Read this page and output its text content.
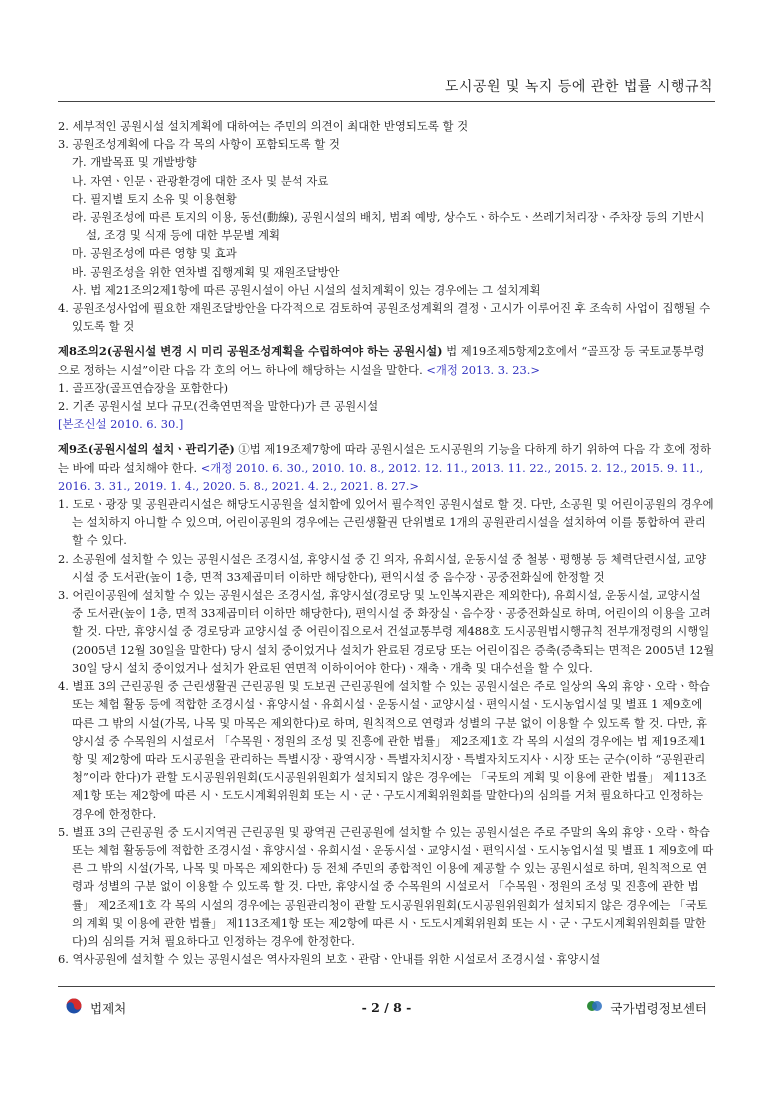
도시공원 및 녹지 등에 관한 법률 시행규칙

2. 세부적인 공원시설 설치계획에 대하여는 주민의 의견이 최대한 반영되도록 할 것

3. 공원조성계획에 다음 각 목의 사항이 포함되도록 할 것

가. 개발목표 및 개발방향

나. 자연ㆍ인문ㆍ관광환경에 대한 조사 및 분석 자료

다. 필지별 토지 소유 및 이용현황

라. 공원조성에 따른 토지의 이용, 동선(動線), 공원시설의 배치, 범죄 예방, 상수도ㆍ하수도ㆍ쓰레기처리장ㆍ주차장 등의 기반시설, 조경 및 식재 등에 대한 부문별 계획

마. 공원조성에 따른 영향 및 효과

바. 공원조성을 위한 연차별 집행계획 및 재원조달방안

사. 법 제21조의2제1항에 따른 공원시설이 아닌 시설의 설치계획이 있는 경우에는 그 설치계획

4. 공원조성사업에 필요한 재원조달방안을 다각적으로 검토하여 공원조성계획의 결정ㆍ고시가 이루어진 후 조속히 사업이 집행될 수 있도록 할 것

제8조의2(공원시설 변경 시 미리 공원조성계획을 수립하여야 하는 공원시설) 법 제19조제5항제2호에서 “골프장 등 국토교통부령으로 정하는 시설”이란 다음 각 호의 어느 하나에 해당하는 시설을 말한다. <개정 2013. 3. 23.>

1. 골프장(골프연습장을 포함한다)

2. 기존 공원시설 보다 규모(건축연면적을 말한다)가 큰 공원시설

[본조신설 2010. 6. 30.]

제9조(공원시설의 설치ㆍ관리기준) ①법 제19조제7항에 따라 공원시설은 도시공원의 기능을 다하게 하기 위하여 다음 각 호에 정하는 바에 따라 설치해야 한다. <개정 2010. 6. 30., 2010. 10. 8., 2012. 12. 11., 2013. 11. 22., 2015. 2. 12., 2015. 9. 11., 2016. 3. 31., 2019. 1. 4., 2020. 5. 8., 2021. 4. 2., 2021. 8. 27.>

1. 도로ㆍ광장 및 공원관리시설은 해당도시공원을 설치함에 있어서 필수적인 공원시설로 할 것. 다만, 소공원 및 어린이공원의 경우에는 설치하지 아니할 수 있으며, 어린이공원의 경우에는 근린생활권 단위별로 1개의 공원관리시설을 설치하여 이를 통합하여 관리할 수 있다.

2. 소공원에 설치할 수 있는 공원시설은 조경시설, 휴양시설 중 긴 의자, 유희시설, 운동시설 중 철봉ㆍ평행봉 등 체력단련시설, 교양시설 중 도서관(높이 1층, 면적 33제곱미터 이하만 해당한다), 편익시설 중 음수장ㆍ공중전화실에 한정할 것

3. 어린이공원에 설치할 수 있는 공원시설은 조경시설, 휴양시설(경로당 및 노인복지관은 제외한다), 유희시설, 운동시설, 교양시설 중 도서관(높이 1층, 면적 33제곱미터 이하만 해당한다), 편익시설 중 화장실ㆍ음수장ㆍ공중전화실로 하며, 어린이의 이용을 고려할 것. 다만, 휴양시설 중 경로당과 교양시설 중 어린이집으로서 건설교통부령 제488호 도시공원법시행규칙 전부개정령의 시행일(2005년 12월 30일을 말한다) 당시 설치 중이었거나 설치가 완료된 경로당 또는 어린이집은 증축(증축되는 면적은 2005년 12월 30일 당시 설치 중이었거나 설치가 완료된 연면적 이하이어야 한다)ㆍ재축ㆍ개축 및 대수선을 할 수 있다.

4. 별표 3의 근린공원 중 근린생활권 근린공원 및 도보권 근린공원에 설치할 수 있는 공원시설은 주로 일상의 옥외 휴양ㆍ오락ㆍ학습 또는 체험 활동 등에 적합한 조경시설ㆍ휴양시설ㆍ유희시설ㆍ운동시설ㆍ교양시설ㆍ편익시설ㆍ도시농업시설 및 별표 1 제9호에 따른 그 밖의 시설(가목, 나목 및 마목은 제외한다)로 하며, 원칙적으로 연령과 성별의 구분 없이 이용할 수 있도록 할 것. 다만, 휴양시설 중 수목원의 시설로서 「수목원ㆍ정원의 조성 및 진흥에 관한 법률」 제2조제1호 각 목의 시설의 경우에는 법 제19조제1항 및 제2항에 따라 도시공원을 관리하는 특별시장ㆍ광역시장ㆍ특별자치시장ㆍ특별자치도지사ㆍ시장 또는 군수(이하 “공원관리청”이라 한다)가 관할 도시공원위원회(도시공원위원회가 설치되지 않은 경우에는 「국토의 계획 및 이용에 관한 법률」 제113조제1항 또는 제2항에 따른 시ㆍ도도시계획위원회 또는 시ㆍ군ㆍ구도시계획위원회를 말한다)의 심의를 거쳐 필요하다고 인정하는 경우에 한정한다.

5. 별표 3의 근린공원 중 도시지역권 근린공원 및 광역권 근린공원에 설치할 수 있는 공원시설은 주로 주말의 옥외 휴양ㆍ오락ㆍ학습 또는 체험 활동등에 적합한 조경시설ㆍ휴양시설ㆍ유희시설ㆍ운동시설ㆍ교양시설ㆍ편익시설ㆍ도시농업시설 및 별표 1 제9호에 따른 그 밖의 시설(가목, 나목 및 마목은 제외한다) 등 전체 주민의 종합적인 이용에 제공할 수 있는 공원시설로 하며, 원칙적으로 연령과 성별의 구분 없이 이용할 수 있도록 할 것. 다만, 휴양시설 중 수목원의 시설로서 「수목원ㆍ정원의 조성 및 진흥에 관한 법률」 제2조제1호 각 목의 시설의 경우에는 공원관리청이 관할 도시공원위원회(도시공원위원회가 설치되지 않은 경우에는 「국토의 계획 및 이용에 관한 법률」 제113조제1항 또는 제2항에 따른 시ㆍ도도시계획위원회 또는 시ㆍ군ㆍ구도시계획위원회를 말한다)의 심의를 거쳐 필요하다고 인정하는 경우에 한정한다.

6. 역사공원에 설치할 수 있는 공원시설은 역사자원의 보호ㆍ관람ㆍ안내를 위한 시설로서 조경시설ㆍ휴양시설

법제처	- 2 / 8 -	국가법령정보센터
